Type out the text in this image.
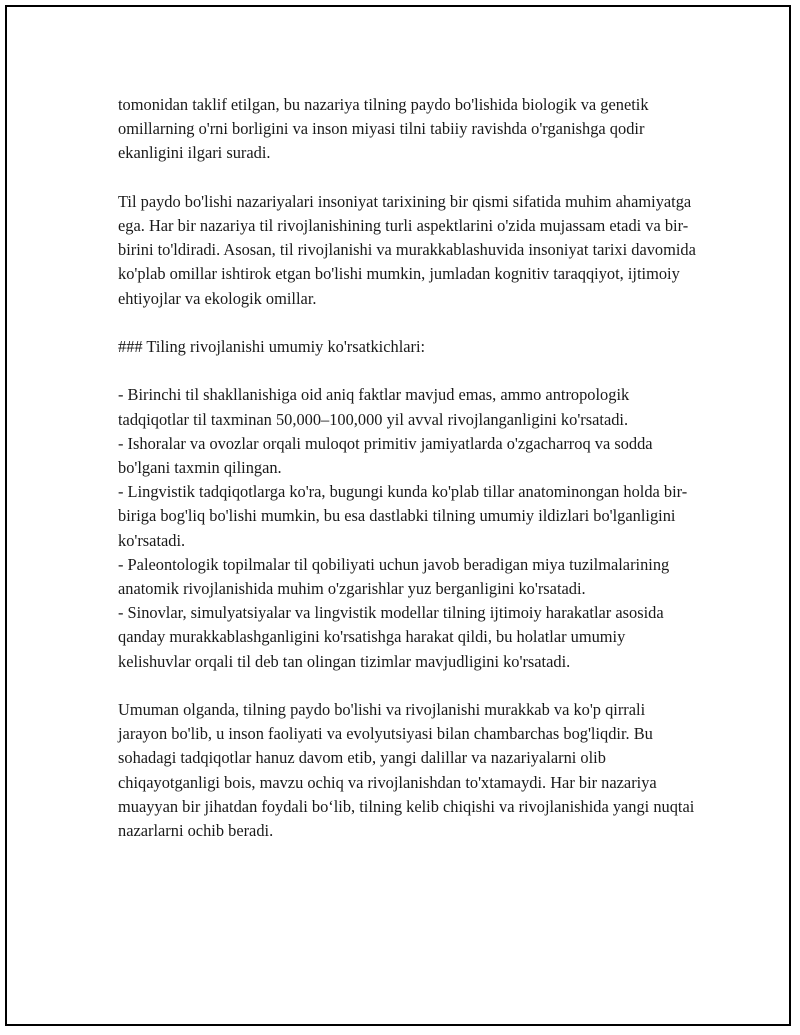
tomonidan taklif etilgan, bu nazariya tilning paydo bo'lishida biologik va genetik omillarning o'rni borligini va inson miyasi tilni tabiiy ravishda o'rganishga qodir ekanligini ilgari suradi.

Til paydo bo'lishi nazariyalari insoniyat tarixining bir qismi sifatida muhim ahamiyatga ega. Har bir nazariya til rivojlanishining turli aspektlarini o'zida mujassam etadi va bir-birini to'ldiradi. Asosan, til rivojlanishi va murakkablashuvida insoniyat tarixi davomida ko'plab omillar ishtirok etgan bo'lishi mumkin, jumladan kognitiv taraqqiyot, ijtimoiy ehtiyojlar va ekologik omillar.

### Tiling rivojlanishi umumiy ko'rsatkichlari:

- Birinchi til shakllanishiga oid aniq faktlar mavjud emas, ammo antropologik tadqiqotlar til taxminan 50,000–100,000 yil avval rivojlanganligini ko'rsatadi.
- Ishoralar va ovozlar orqali muloqot primitiv jamiyatlarda o'zgacharroq va sodda bo'lgani taxmin qilingan.
- Lingvistik tadqiqotlarga ko'ra, bugungi kunda ko'plab tillar anatominongan holda bir-biriga bog'liq bo'lishi mumkin, bu esa dastlabki tilning umumiy ildizlari bo'lganligini ko'rsatadi.
- Paleontologik topilmalar til qobiliyati uchun javob beradigan miya tuzilmalarining anatomik rivojlanishida muhim o'zgarishlar yuz berganligini ko'rsatadi.
- Sinovlar, simulyatsiyalar va lingvistik modellar tilning ijtimoiy harakatlar asosida qanday murakkablashganligini ko'rsatishga harakat qildi, bu holatlar umumiy kelishuvlar orqali til deb tan olingan tizimlar mavjudligini ko'rsatadi.

Umuman olganda, tilning paydo bo'lishi va rivojlanishi murakkab va ko'p qirrali jarayon bo'lib, u inson faoliyati va evolyutsiyasi bilan chambarchas bog'liqdir. Bu sohadagi tadqiqotlar hanuz davom etib, yangi dalillar va nazariyalarni olib chiqayotganligi bois, mavzu ochiq va rivojlanishdan to'xtamaydi. Har bir nazariya muayyan bir jihatdan foydali bo‘lib, tilning kelib chiqishi va rivojlanishida yangi nuqtai nazarlarni ochib beradi.
